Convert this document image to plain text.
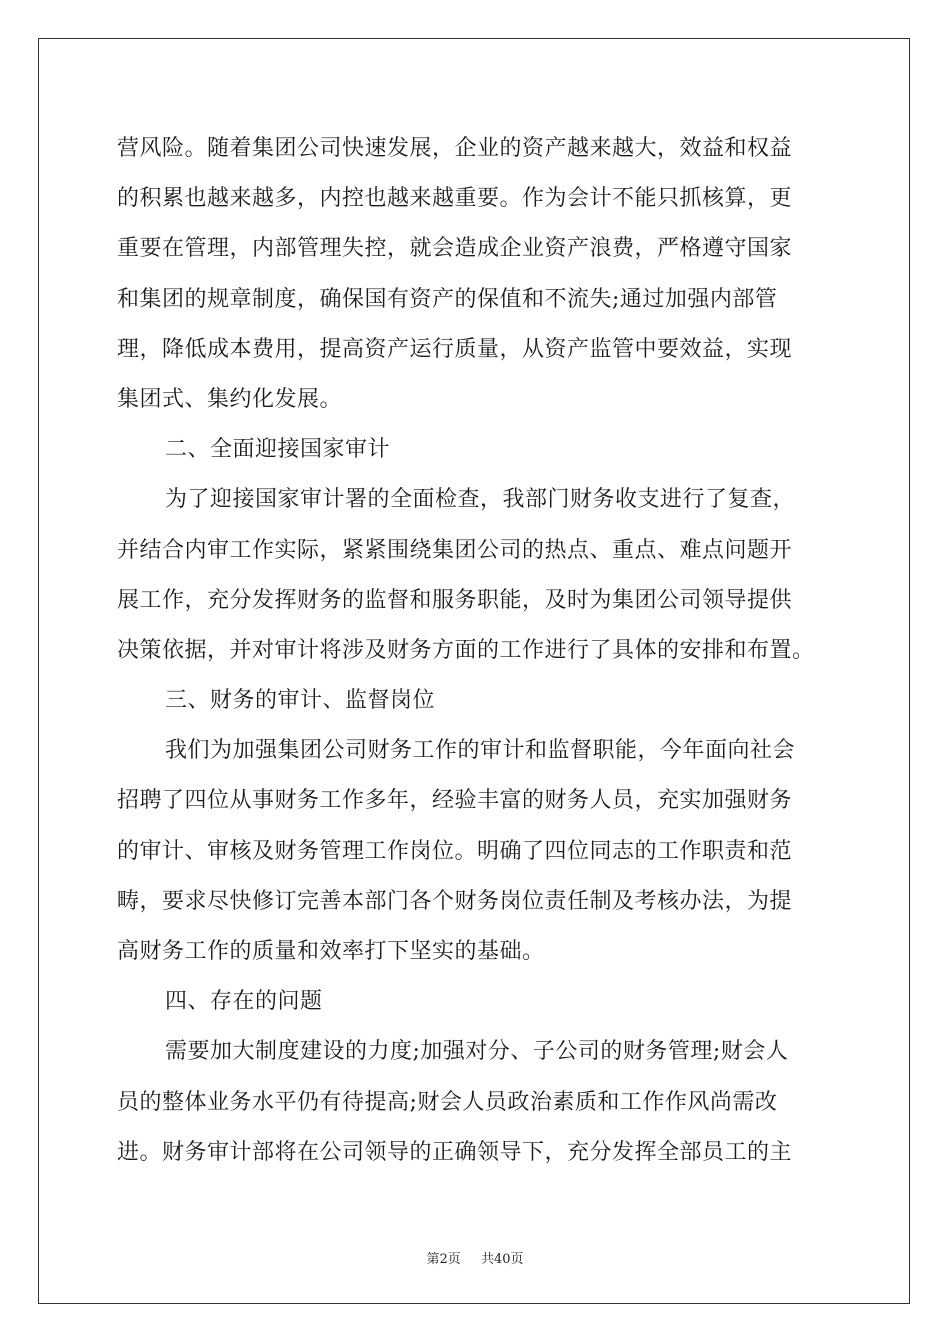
营风险。随着集团公司快速发展，企业的资产越来越大，效益和权益
的积累也越来越多，内控也越来越重要。作为会计不能只抓核算，更
重要在管理，内部管理失控，就会造成企业资产浪费，严格遵守国家
和集团的规章制度，确保国有资产的保值和不流失;通过加强内部管
理，降低成本费用，提高资产运行质量，从资产监管中要效益，实现
集团式、集约化发展。
二、全面迎接国家审计
为了迎接国家审计署的全面检查，我部门财务收支进行了复查，
并结合内审工作实际，紧紧围绕集团公司的热点、重点、难点问题开
展工作，充分发挥财务的监督和服务职能，及时为集团公司领导提供
决策依据，并对审计将涉及财务方面的工作进行了具体的安排和布置。
三、财务的审计、监督岗位
我们为加强集团公司财务工作的审计和监督职能，今年面向社会
招聘了四位从事财务工作多年，经验丰富的财务人员，充实加强财务
的审计、审核及财务管理工作岗位。明确了四位同志的工作职责和范
畴，要求尽快修订完善本部门各个财务岗位责任制及考核办法，为提
高财务工作的质量和效率打下坚实的基础。
四、存在的问题
需要加大制度建设的力度;加强对分、子公司的财务管理;财会人
员的整体业务水平仍有待提高;财会人员政治素质和工作作风尚需改
进。财务审计部将在公司领导的正确领导下，充分发挥全部员工的主
第2页 共40页
